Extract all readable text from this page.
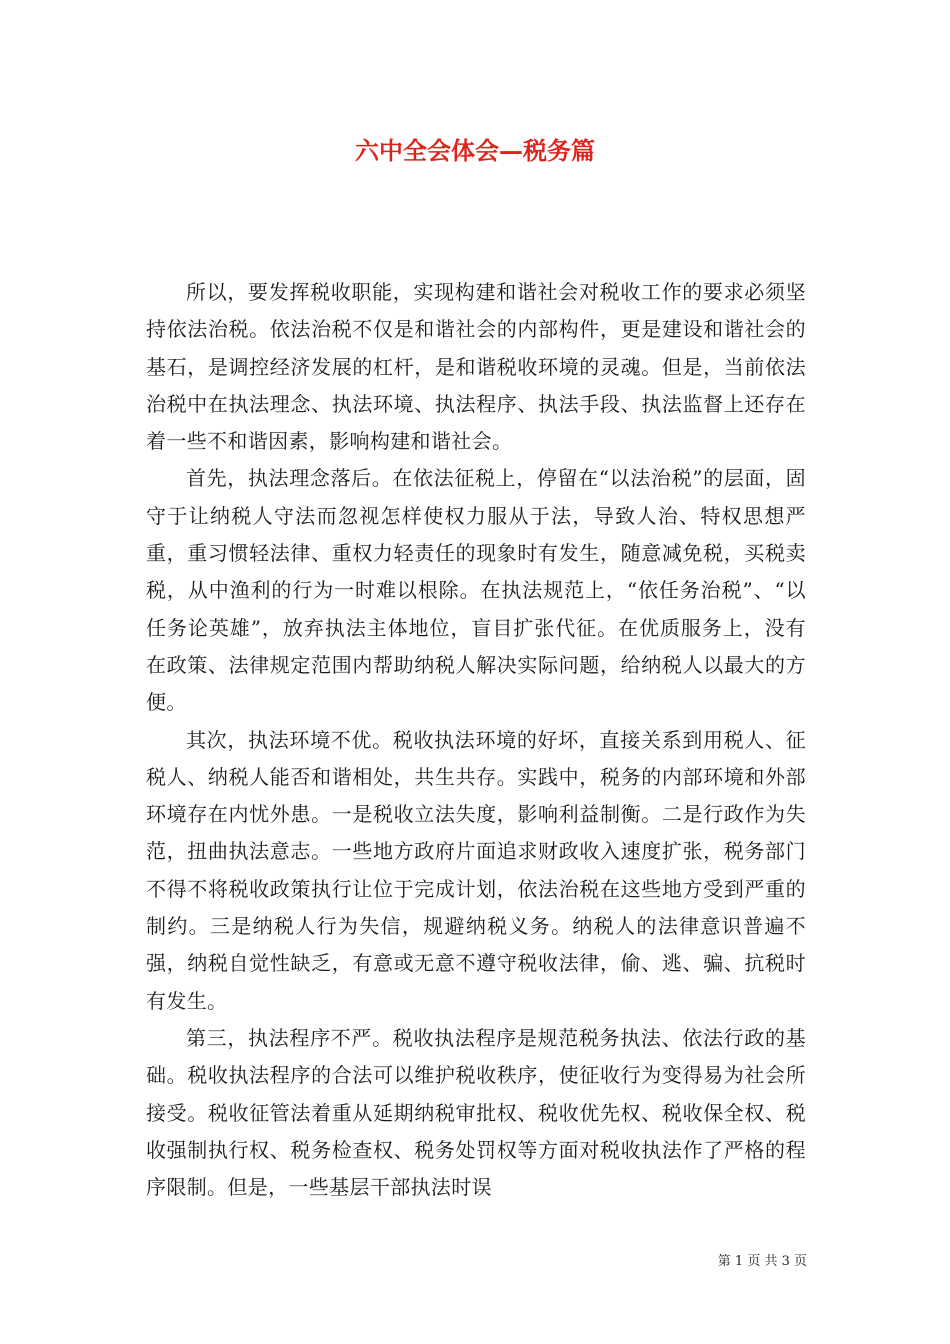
六中全会体会—税务篇

所以，要发挥税收职能，实现构建和谐社会对税收工作的要求必须坚持依法治税。依法治税不仅是和谐社会的内部构件，更是建设和谐社会的基石，是调控经济发展的杠杆，是和谐税收环境的灵魂。但是，当前依法治税中在执法理念、执法环境、执法程序、执法手段、执法监督上还存在着一些不和谐因素，影响构建和谐社会。

首先，执法理念落后。在依法征税上，停留在“以法治税”的层面，固守于让纳税人守法而忽视怎样使权力服从于法，导致人治、特权思想严重，重习惯轻法律、重权力轻责任的现象时有发生，随意减免税，买税卖税，从中渔利的行为一时难以根除。在执法规范上，“依任务治税”、“以任务论英雄”，放弃执法主体地位，盲目扩张代征。在优质服务上，没有在政策、法律规定范围内帮助纳税人解决实际问题，给纳税人以最大的方便。

其次，执法环境不优。税收执法环境的好坏，直接关系到用税人、征税人、纳税人能否和谐相处，共生共存。实践中，税务的内部环境和外部环境存在内忧外患。一是税收立法失度，影响利益制衡。二是行政作为失范，扭曲执法意志。一些地方政府片面追求财政收入速度扩张，税务部门不得不将税收政策执行让位于完成计划，依法治税在这些地方受到严重的制约。三是纳税人行为失信，规避纳税义务。纳税人的法律意识普遍不强，纳税自觉性缺乏，有意或无意不遵守税收法律，偷、逃、骗、抗税时有发生。

第三，执法程序不严。税收执法程序是规范税务执法、依法行政的基础。税收执法程序的合法可以维护税收秩序，使征收行为变得易为社会所接受。税收征管法着重从延期纳税审批权、税收优先权、税收保全权、税收强制执行权、税务检查权、税务处罚权等方面对税收执法作了严格的程序限制。但是，一些基层干部执法时误

第 1 页 共 3 页
